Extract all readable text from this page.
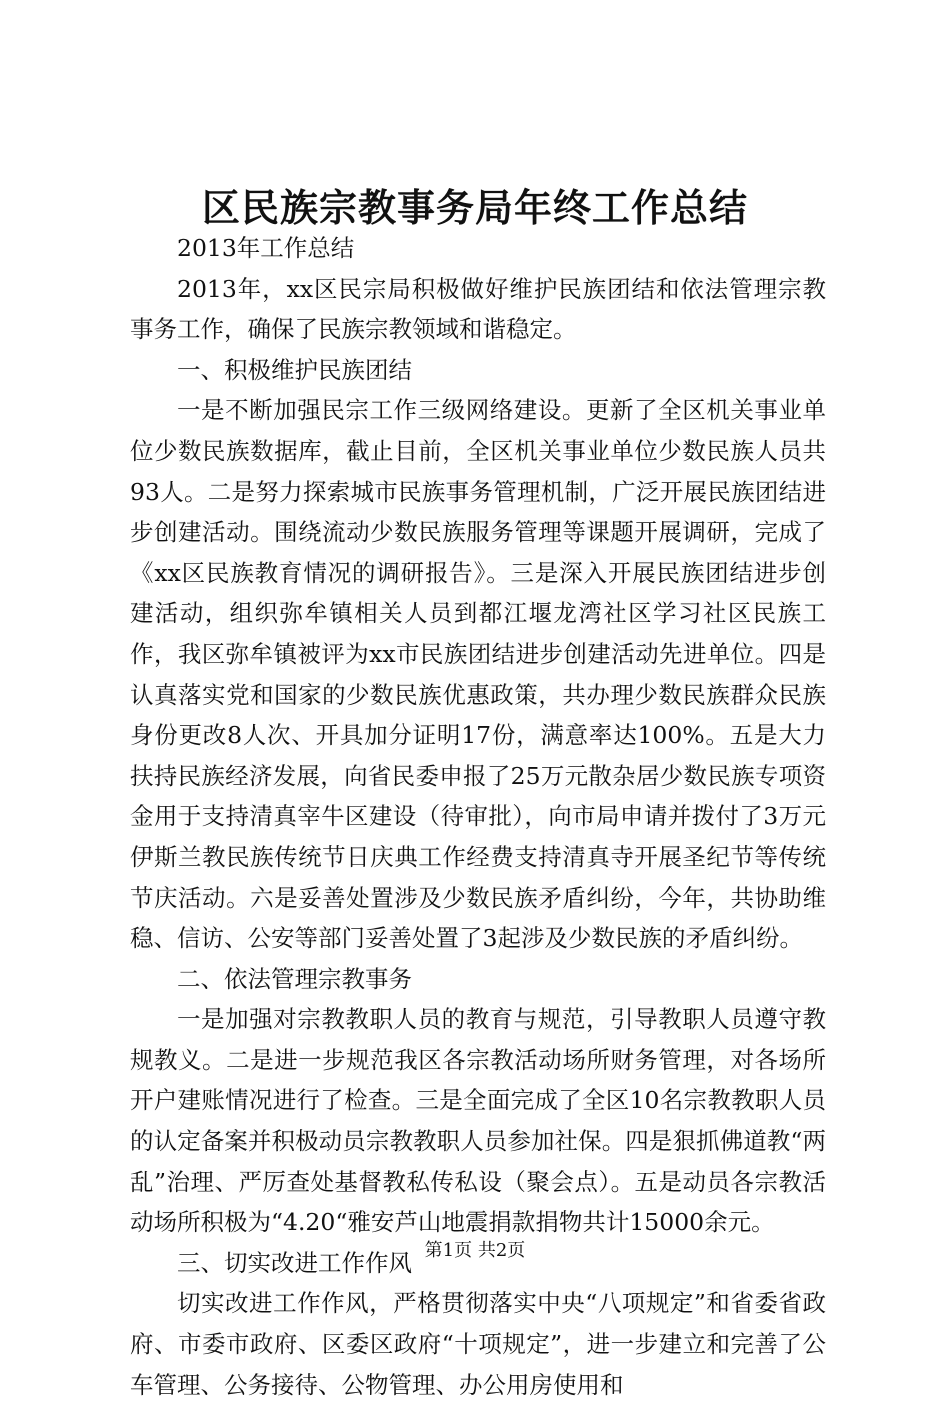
区民族宗教事务局年终工作总结

2013年工作总结

2013年，xx区民宗局积极做好维护民族团结和依法管理宗教事务工作，确保了民族宗教领域和谐稳定。

一、积极维护民族团结

一是不断加强民宗工作三级网络建设。更新了全区机关事业单位少数民族数据库，截止目前，全区机关事业单位少数民族人员共93人。二是努力探索城市民族事务管理机制，广泛开展民族团结进步创建活动。围绕流动少数民族服务管理等课题开展调研，完成了《xx区民族教育情况的调研报告》。三是深入开展民族团结进步创建活动，组织弥牟镇相关人员到都江堰龙湾社区学习社区民族工作，我区弥牟镇被评为xx市民族团结进步创建活动先进单位。四是认真落实党和国家的少数民族优惠政策，共办理少数民族群众民族身份更改8人次、开具加分证明17份，满意率达100%。五是大力扶持民族经济发展，向省民委申报了25万元散杂居少数民族专项资金用于支持清真宰牛区建设（待审批），向市局申请并拨付了3万元伊斯兰教民族传统节日庆典工作经费支持清真寺开展圣纪节等传统节庆活动。六是妥善处置涉及少数民族矛盾纠纷，今年，共协助维稳、信访、公安等部门妥善处置了3起涉及少数民族的矛盾纠纷。

二、依法管理宗教事务

一是加强对宗教教职人员的教育与规范，引导教职人员遵守教规教义。二是进一步规范我区各宗教活动场所财务管理，对各场所开户建账情况进行了检查。三是全面完成了全区10名宗教教职人员的认定备案并积极动员宗教教职人员参加社保。四是狠抓佛道教“两乱”治理、严厉查处基督教私传私设（聚会点）。五是动员各宗教活动场所积极为“4.20“雅安芦山地震捐款捐物共计15000余元。

三、切实改进工作作风

切实改进工作作风，严格贯彻落实中央“八项规定”和省委省政府、市委市政府、区委区政府“十项规定”，进一步建立和完善了公车管理、公务接待、公物管理、办公用房使用和

第1页 共2页
